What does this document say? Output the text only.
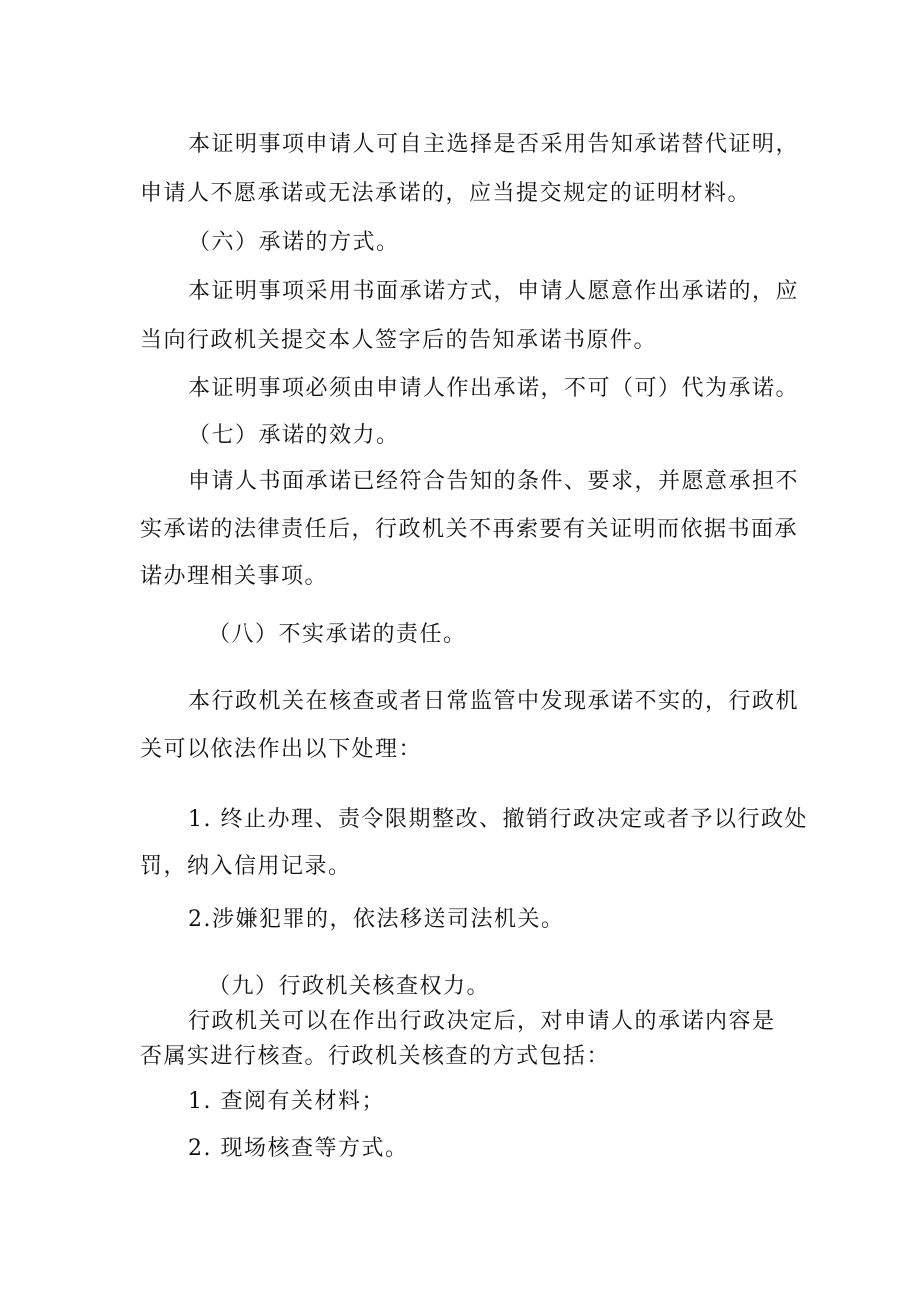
本证明事项申请人可自主选择是否采用告知承诺替代证明，
申请人不愿承诺或无法承诺的，应当提交规定的证明材料。
（六）承诺的方式。
本证明事项采用书面承诺方式，申请人愿意作出承诺的，应
当向行政机关提交本人签字后的告知承诺书原件。
本证明事项必须由申请人作出承诺，不可（可）代为承诺。
（七）承诺的效力。
申请人书面承诺已经符合告知的条件、要求，并愿意承担不
实承诺的法律责任后，行政机关不再索要有关证明而依据书面承
诺办理相关事项。
（八）不实承诺的责任。
本行政机关在核查或者日常监管中发现承诺不实的，行政机
关可以依法作出以下处理：
1. 终止办理、责令限期整改、撤销行政决定或者予以行政处
罚，纳入信用记录。
2.涉嫌犯罪的，依法移送司法机关。
（九）行政机关核查权力。
行政机关可以在作出行政决定后，对申请人的承诺内容是
否属实进行核查。行政机关核查的方式包括：
1. 查阅有关材料；
2. 现场核查等方式。
